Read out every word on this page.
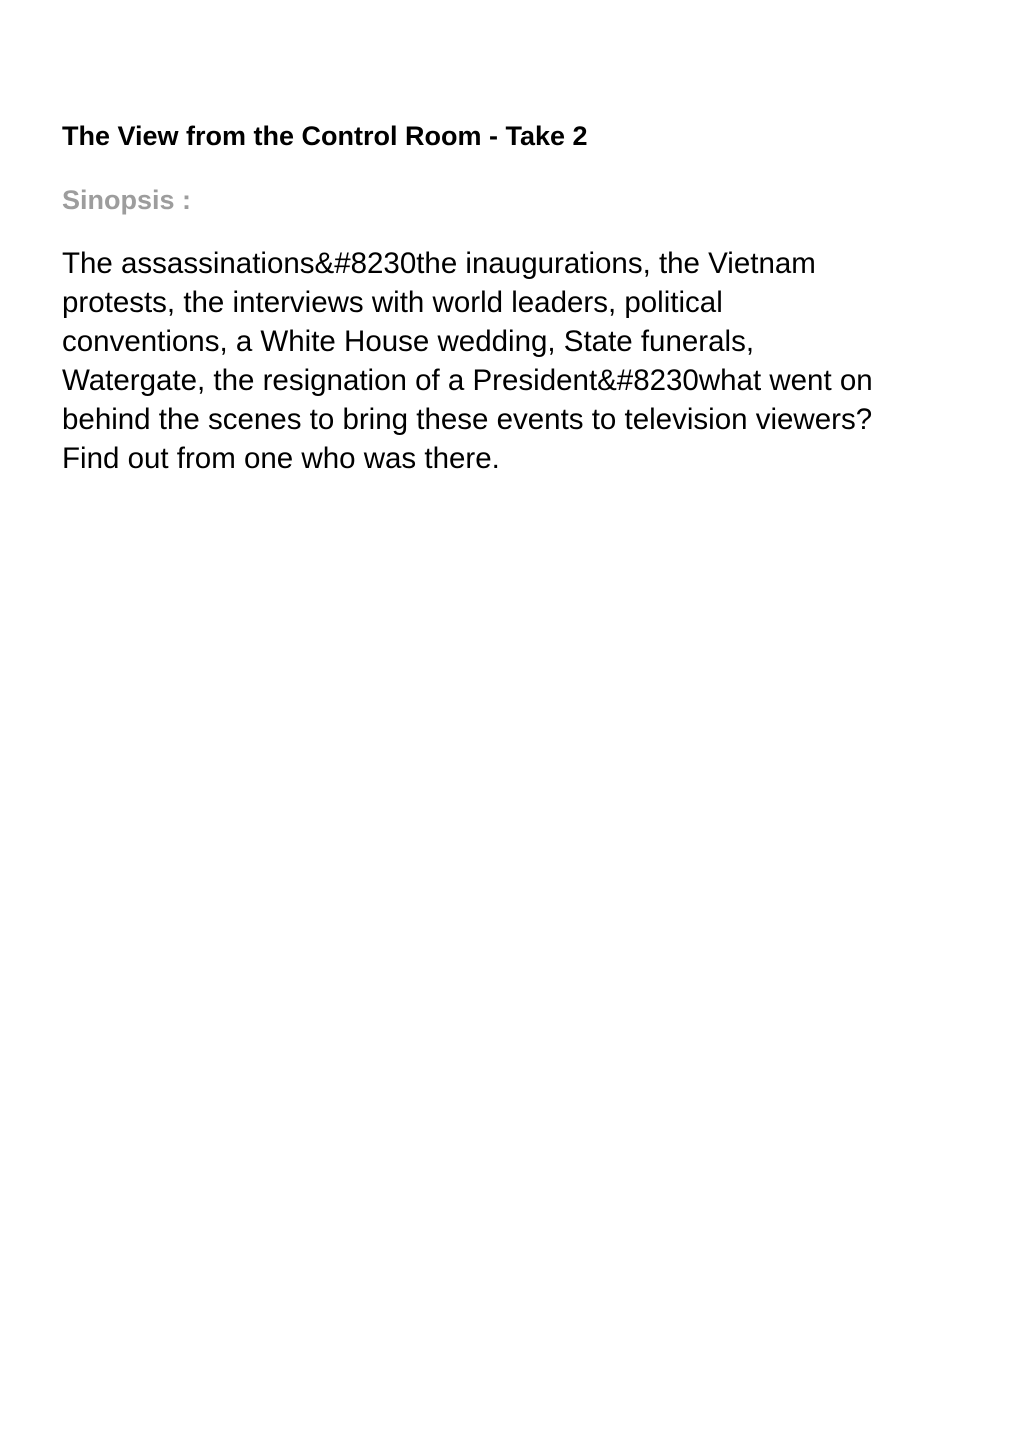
The View from the Control Room - Take 2
Sinopsis :

The assassinations&#8230the inaugurations, the Vietnam
protests, the interviews with world leaders, political
conventions, a White House wedding, State funerals,
Watergate, the resignation of a President&#8230what went on
behind the scenes to bring these events to television viewers?
Find out from one who was there.
